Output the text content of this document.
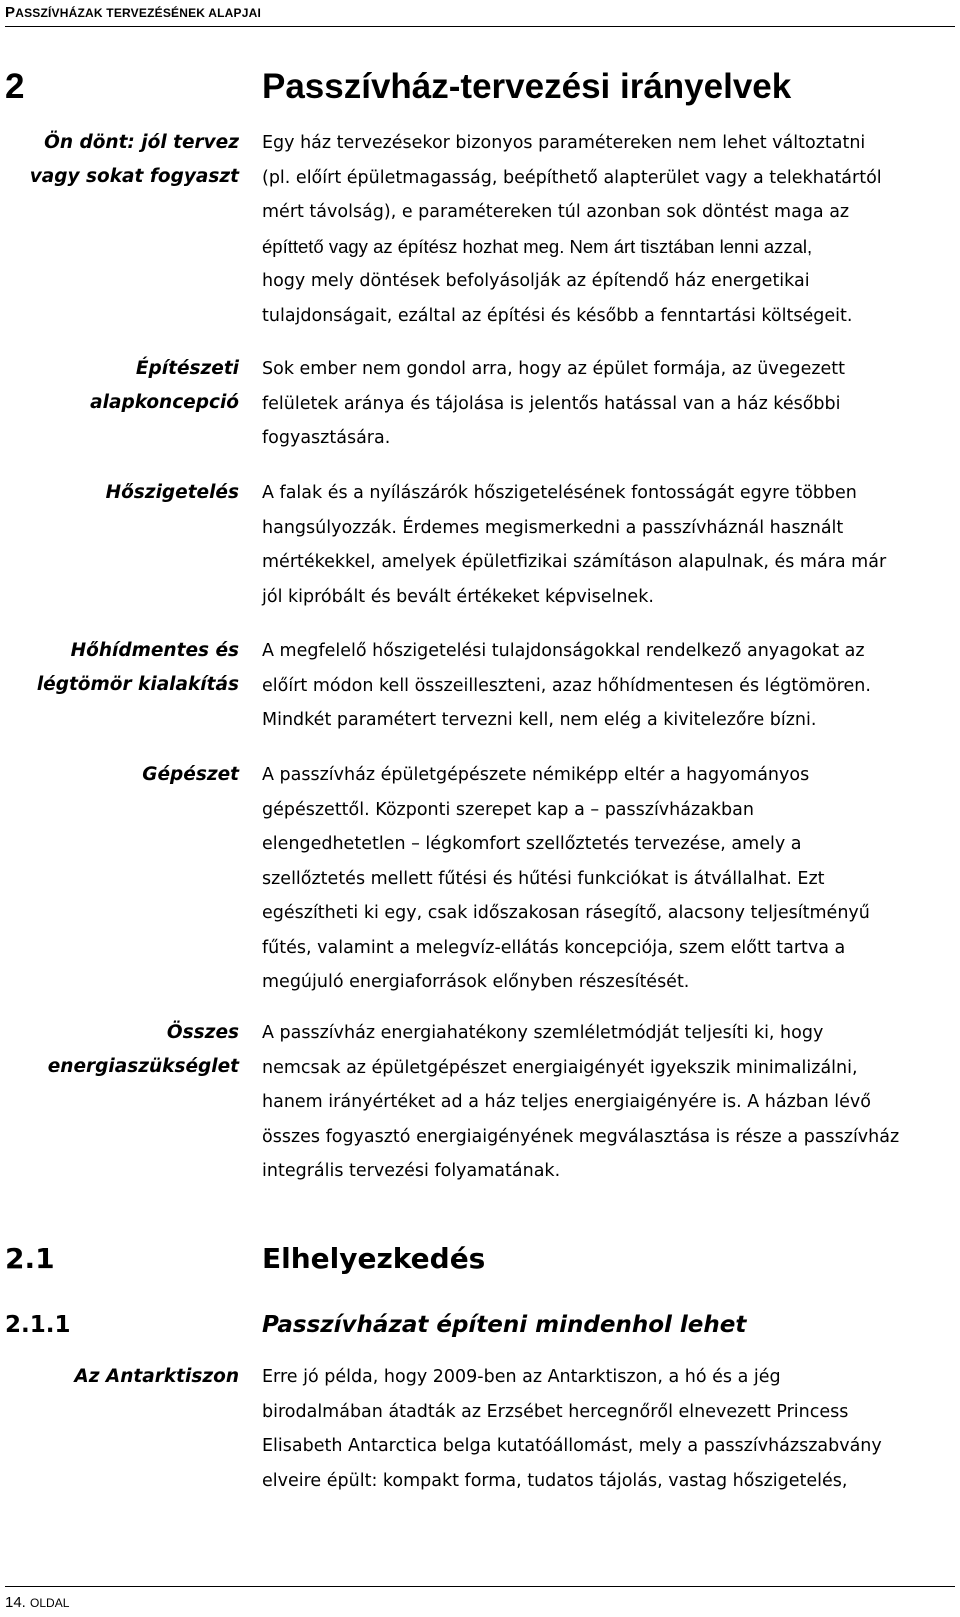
PASSZÍVHÁZAK TERVEZÉSÉNEK ALAPJAI
2	Passzívház-tervezési irányelvek
Ön dönt: jól tervez
vagy sokat fogyaszt
Egy ház tervezésekor bizonyos paramétereken nem lehet változtatni
(pl. előírt épületmagasság, beépíthető alapterület vagy a telekhatártól
mért távolság), e paramétereken túl azonban sok döntést maga az
építtető vagy az építész hozhat meg. Nem árt tisztában lenni azzal,
hogy mely döntések befolyásolják az építendő ház energetikai
tulajdonságait, ezáltal az építési és később a fenntartási költségeit.
Építészeti
alapkoncepció
Sok ember nem gondol arra, hogy az épület formája, az üvegezett
felületek aránya és tájolása is jelentős hatással van a ház későbbi
fogyasztására.
Hőszigetelés A falak és a nyílászárók hőszigetelésének fontosságát egyre többen
hangsúlyozzák. Érdemes megismerkedni a passzívháznál használt
mértékekkel, amelyek épületfizikai számításon alapulnak, és mára már
jól kipróbált és bevált értékeket képviselnek.
Hőhídmentes és
légtömör kialakítás
A megfelelő hőszigetelési tulajdonságokkal rendelkező anyagokat az
előírt módon kell összeilleszteni, azaz hőhídmentesen és légtömören.
Mindkét paramétert tervezni kell, nem elég a kivitelezőre bízni.
Gépészet A passzívház épületgépészete némiképp eltér a hagyományos
gépészettől. Központi szerepet kap a – passzívházakban
elengedhetetlen – légkomfort szellőztetés tervezése, amely a
szellőztetés mellett fűtési és hűtési funkciókat is átvállalhat. Ezt
egészítheti ki egy, csak időszakosan rásegítő, alacsony teljesítményű
fűtés, valamint a melegvíz-ellátás koncepciója, szem előtt tartva a
megújuló energiaforrások előnyben részesítését.
Összes
energiaszükséglet
A passzívház energiahatékony szemléletmódját teljesíti ki, hogy
nemcsak az épületgépészet energiaigényét igyekszik minimalizálni,
hanem irányértéket ad a ház teljes energiaigényére is. A házban lévő
összes fogyasztó energiaigényének megválasztása is része a passzívház
integrális tervezési folyamatának.
2.1	Elhelyezkedés
2.1.1	Passzívházat építeni mindenhol lehet
Az Antarktiszon Erre jó példa, hogy 2009-ben az Antarktiszon, a hó és a jég
birodalmában átadták az Erzsébet hercegnőről elnevezett Princess
Elisabeth Antarctica belga kutatóállomást, mely a passzívházszabvány
elveire épült: kompakt forma, tudatos tájolás, vastag hőszigetelés,
14. OLDAL
